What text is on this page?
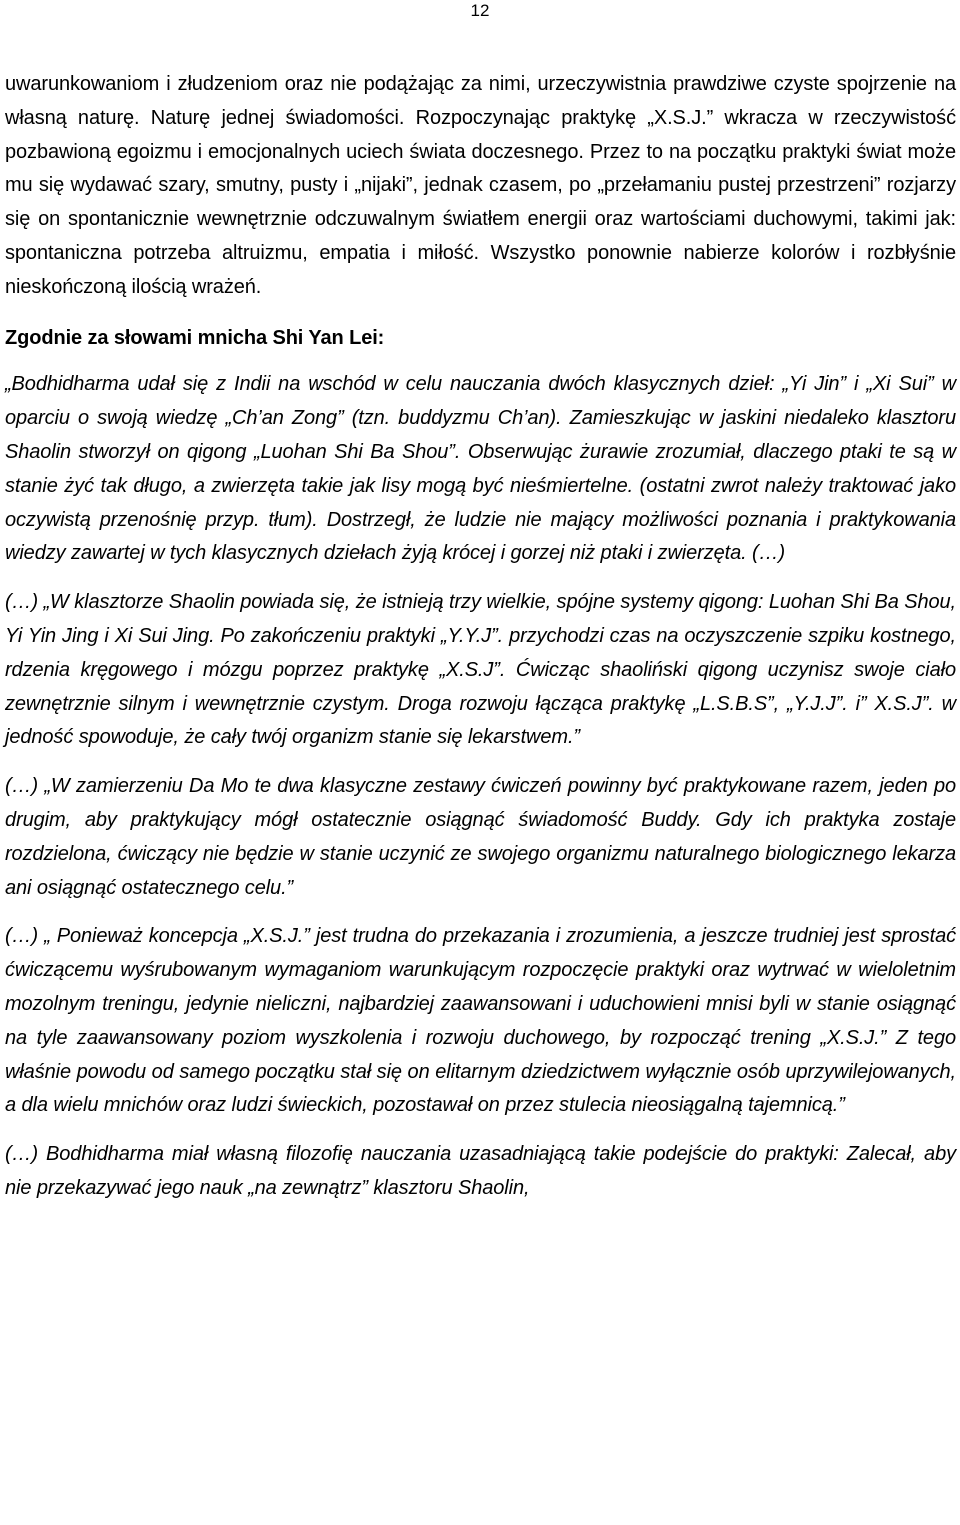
12

uwarunkowaniom i złudzeniom oraz nie podążając za nimi, urzeczywistnia prawdziwe czyste spojrzenie na własną naturę. Naturę jednej świadomości. Rozpoczynając praktykę „X.S.J.” wkracza w rzeczywistość pozbawioną egoizmu i emocjonalnych uciech świata doczesnego. Przez to na początku praktyki świat może mu się wydawać szary, smutny, pusty i „nijaki”, jednak czasem, po „przełamaniu pustej przestrzeni” rozjarzy się on spontanicznie wewnętrznie odczuwalnym światłem energii oraz wartościami duchowymi, takimi jak: spontaniczna potrzeba altruizmu, empatia i miłość. Wszystko ponownie nabierze kolorów i rozbłyśnie nieskończoną ilością wrażeń.

Zgodnie za słowami mnicha Shi Yan Lei:

„Bodhidharma udał się z Indii na wschód w celu nauczania dwóch klasycznych dzieł: „Yi Jin” i „Xi Sui” w oparciu o swoją wiedzę „Ch’an Zong” (tzn. buddyzmu Ch’an). Zamieszkując w jaskini niedaleko klasztoru Shaolin stworzył on qigong „Luohan Shi Ba Shou”. Obserwując żurawie zrozumiał, dlaczego ptaki te są w stanie żyć tak długo, a zwierzęta takie jak lisy mogą być nieśmiertelne. (ostatni zwrot należy traktować jako oczywistą przenośnię przyp. tłum). Dostrzegł, że ludzie nie mający możliwości poznania i praktykowania wiedzy zawartej w tych klasycznych dziełach żyją krócej i gorzej niż ptaki i zwierzęta. (…)

(…) „W klasztorze Shaolin powiada się, że istnieją trzy wielkie, spójne systemy qigong: Luohan Shi Ba Shou, Yi Yin Jing i Xi Sui Jing. Po zakończeniu praktyki „Y.Y.J”. przychodzi czas na oczyszczenie szpiku kostnego, rdzenia kręgowego i mózgu poprzez praktykę „X.S.J”. Ćwicząc shaoliński qigong uczynisz swoje ciało zewnętrznie silnym i wewnętrznie czystym. Droga rozwoju łącząca praktykę „L.S.B.S”, „Y.J.J”. i” X.S.J”. w jedność spowoduje, że cały twój organizm stanie się lekarstwem.”

(…) „W zamierzeniu Da Mo te dwa klasyczne zestawy ćwiczeń powinny być praktykowane razem, jeden po drugim, aby praktykujący mógł ostatecznie osiągnąć świadomość Buddy. Gdy ich praktyka zostaje rozdzielona, ćwiczący nie będzie w stanie uczynić ze swojego organizmu naturalnego biologicznego lekarza ani osiągnąć ostatecznego celu.”

(…) „ Ponieważ koncepcja „X.S.J.” jest trudna do przekazania i zrozumienia, a jeszcze trudniej jest sprostać ćwiczącemu wyśrubowanym wymaganiom warunkującym rozpoczęcie praktyki oraz wytrwać w wieloletnim mozolnym treningu, jedynie nieliczni, najbardziej zaawansowani i uduchowieni mnisi byli w stanie osiągnąć na tyle zaawansowany poziom wyszkolenia i rozwoju duchowego, by rozpocząć trening „X.S.J.” Z tego właśnie powodu od samego początku stał się on elitarnym dziedzictwem wyłącznie osób uprzywilejowanych, a dla wielu mnichów oraz ludzi świeckich, pozostawał on przez stulecia nieosiągalną tajemnicą.”

(…) Bodhidharma miał własną filozofię nauczania uzasadniającą takie podejście do praktyki: Zalecał, aby nie przekazywać jego nauk „na zewnątrz” klasztoru Shaolin,
